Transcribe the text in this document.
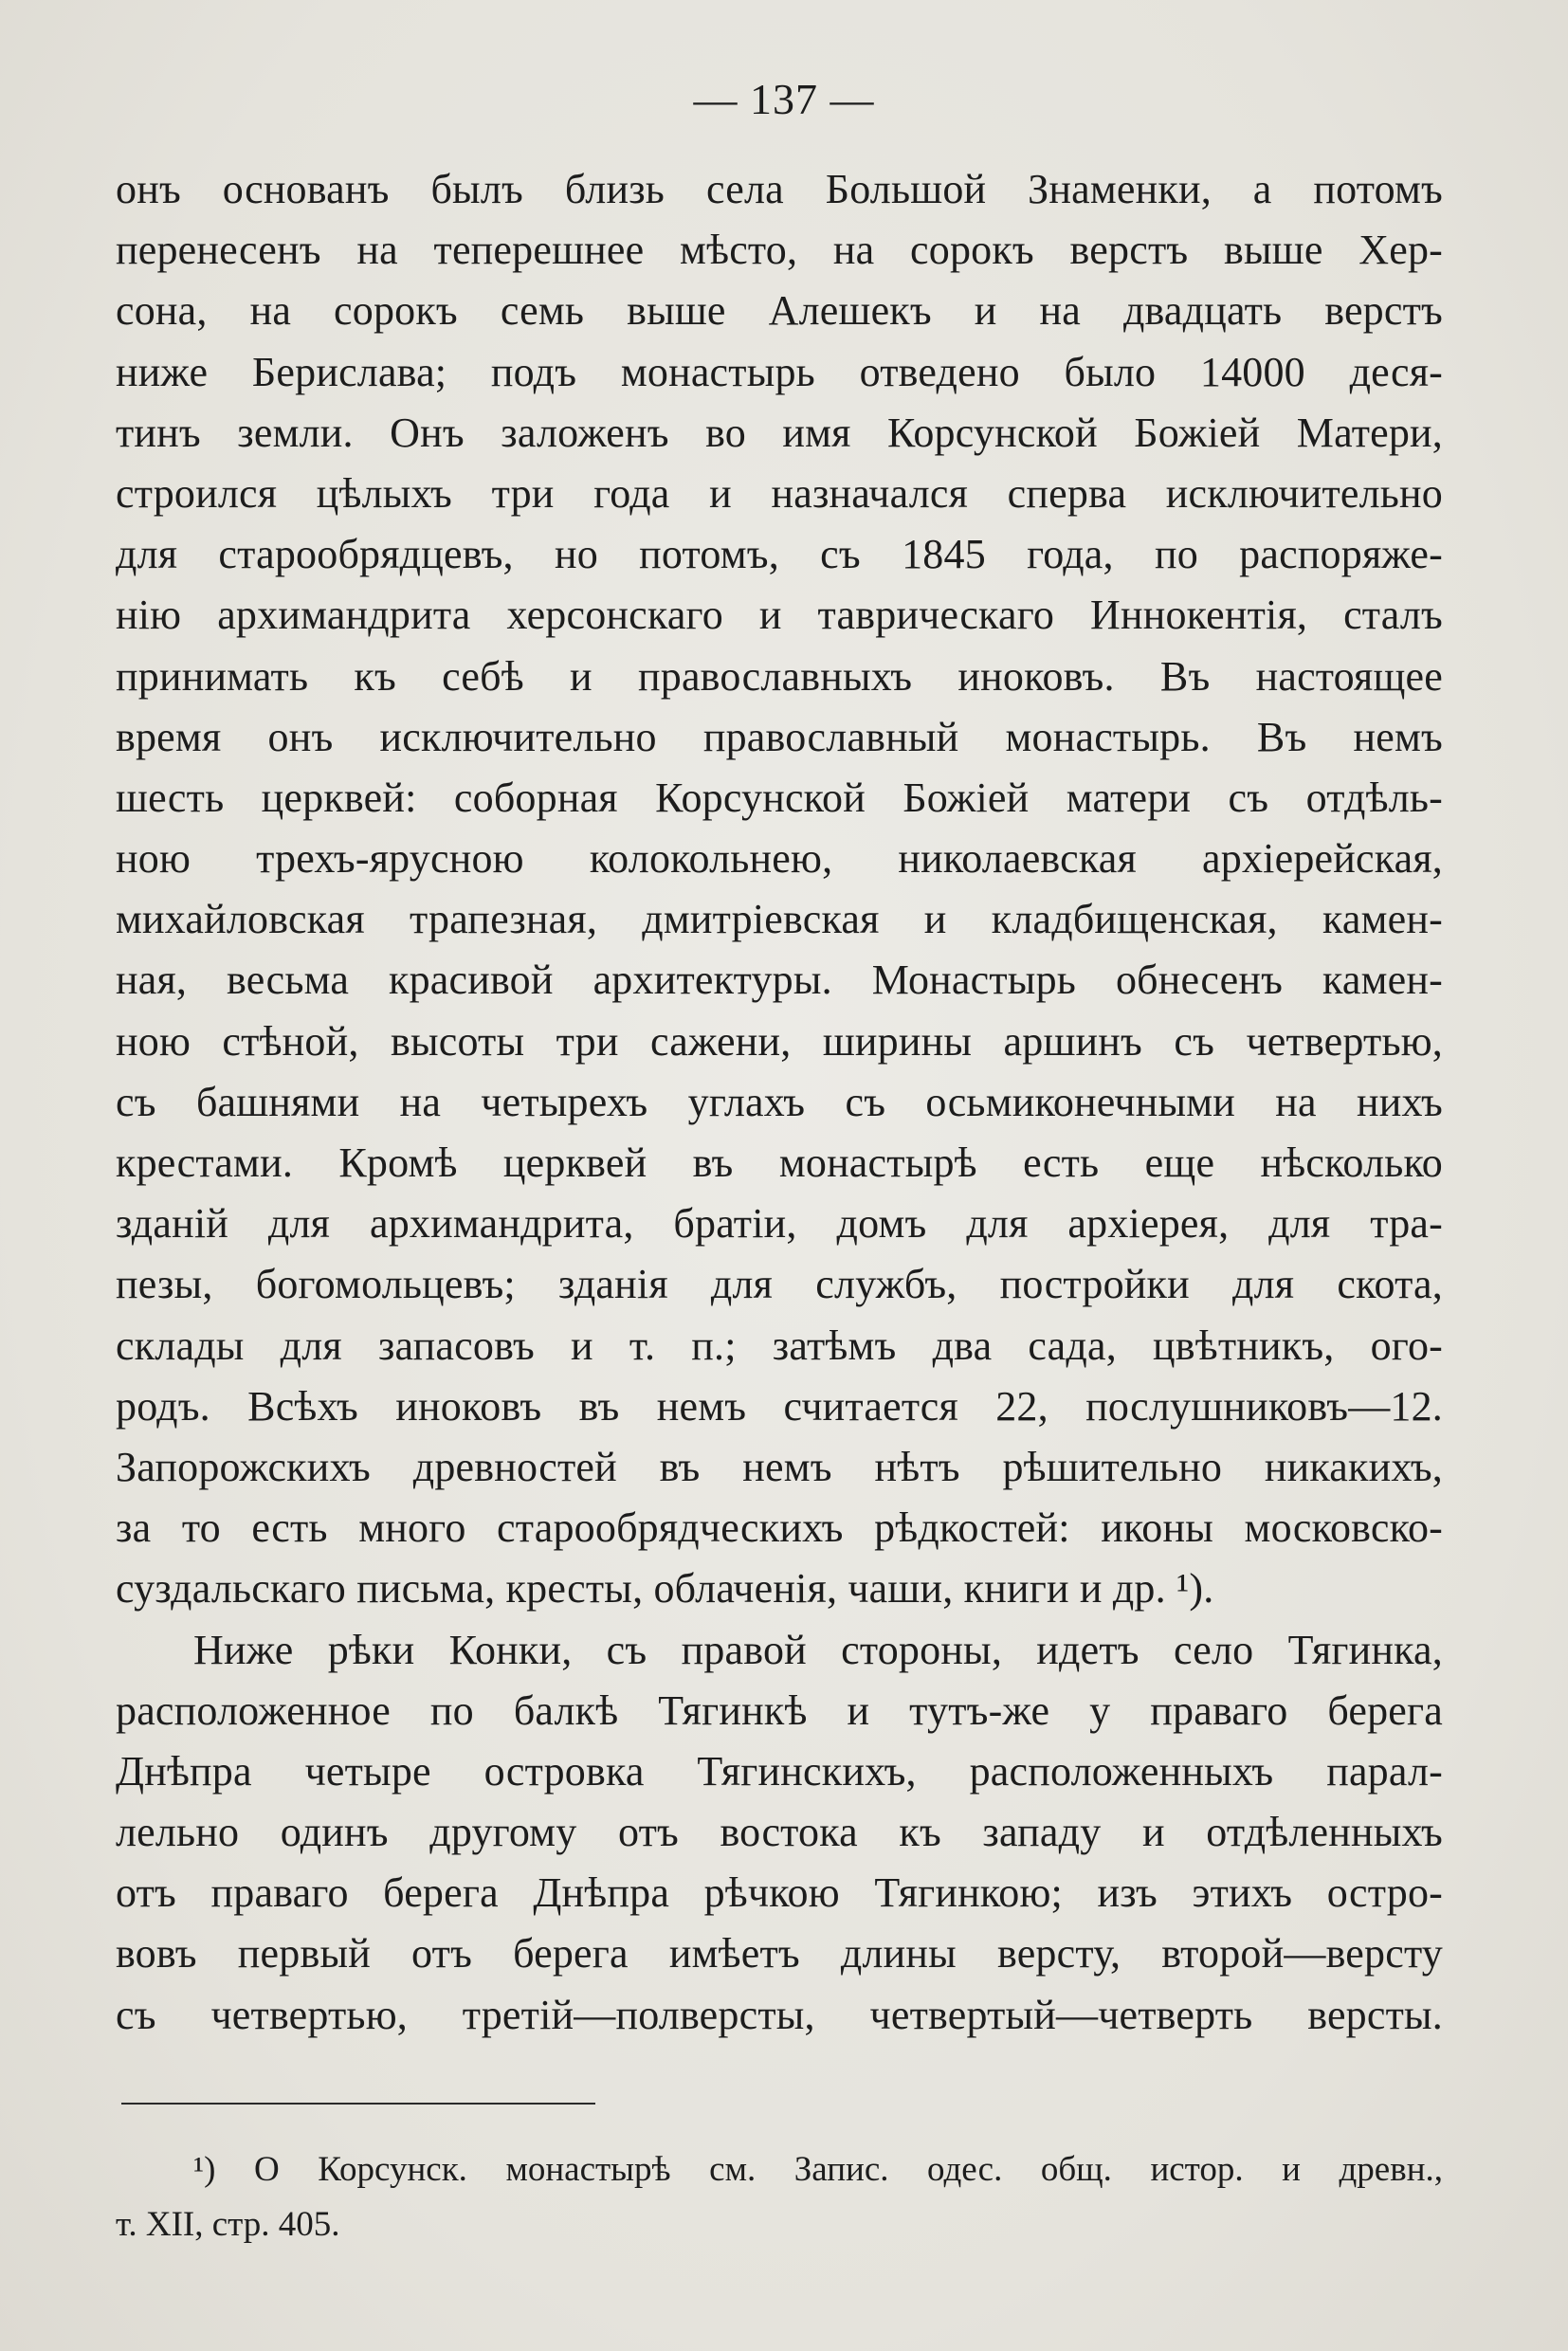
— 137 —
онъ основанъ былъ близь села Большой Знаменки, а потомъ
перенесенъ на теперешнее мѣсто, на сорокъ верстъ выше Хер-
сона, на сорокъ семь выше Алешекъ и на двадцать верстъ
ниже Берислава; подъ монастырь отведено было 14000 деся-
тинъ земли. Онъ заложенъ во имя Корсунской Божіей Матери,
строился цѣлыхъ три года и назначался сперва исключительно
для старообрядцевъ, но потомъ, съ 1845 года, по распоряже-
нію архимандрита херсонскаго и таврическаго Иннокентія, сталъ
принимать къ себѣ и православныхъ иноковъ. Въ настоящее
время онъ исключительно православный монастырь. Въ немъ
шесть церквей: соборная Корсунской Божіей матери съ отдѣль-
ною трехъ-ярусною колокольнею, николаевская архіерейская,
михайловская трапезная, дмитріевская и кладбищенская, камен-
ная, весьма красивой архитектуры. Монастырь обнесенъ камен-
ною стѣной, высоты три сажени, ширины аршинъ съ четвертью,
съ башнями на четырехъ углахъ съ осьмиконечными на нихъ
крестами. Кромѣ церквей въ монастырѣ есть еще нѣсколько
зданій для архимандрита, братіи, домъ для архіерея, для тра-
пезы, богомольцевъ; зданія для службъ, постройки для скота,
склады для запасовъ и т. п.; затѣмъ два сада, цвѣтникъ, ого-
родъ. Всѣхъ иноковъ въ немъ считается 22, послушниковъ—12.
Запорожскихъ древностей въ немъ нѣтъ рѣшительно никакихъ,
за то есть много старообрядческихъ рѣдкостей: иконы московско-
суздальскаго письма, кресты, облаченія, чаши, книги и др. ¹).
Ниже рѣки Конки, съ правой стороны, идетъ село Тягинка,
расположенное по балкѣ Тягинкѣ и тутъ-же у праваго берега
Днѣпра четыре островка Тягинскихъ, расположенныхъ парал-
лельно одинъ другому отъ востока къ западу и отдѣленныхъ
отъ праваго берега Днѣпра рѣчкою Тягинкою; изъ этихъ остро-
вовъ первый отъ берега имѣетъ длины версту, второй—версту
съ четвертью, третій—полверсты, четвертый—четверть версты.
¹) О Корсунск. монастырѣ см. Запис. одес. общ. истор. и древн.,
т. XII, стр. 405.
